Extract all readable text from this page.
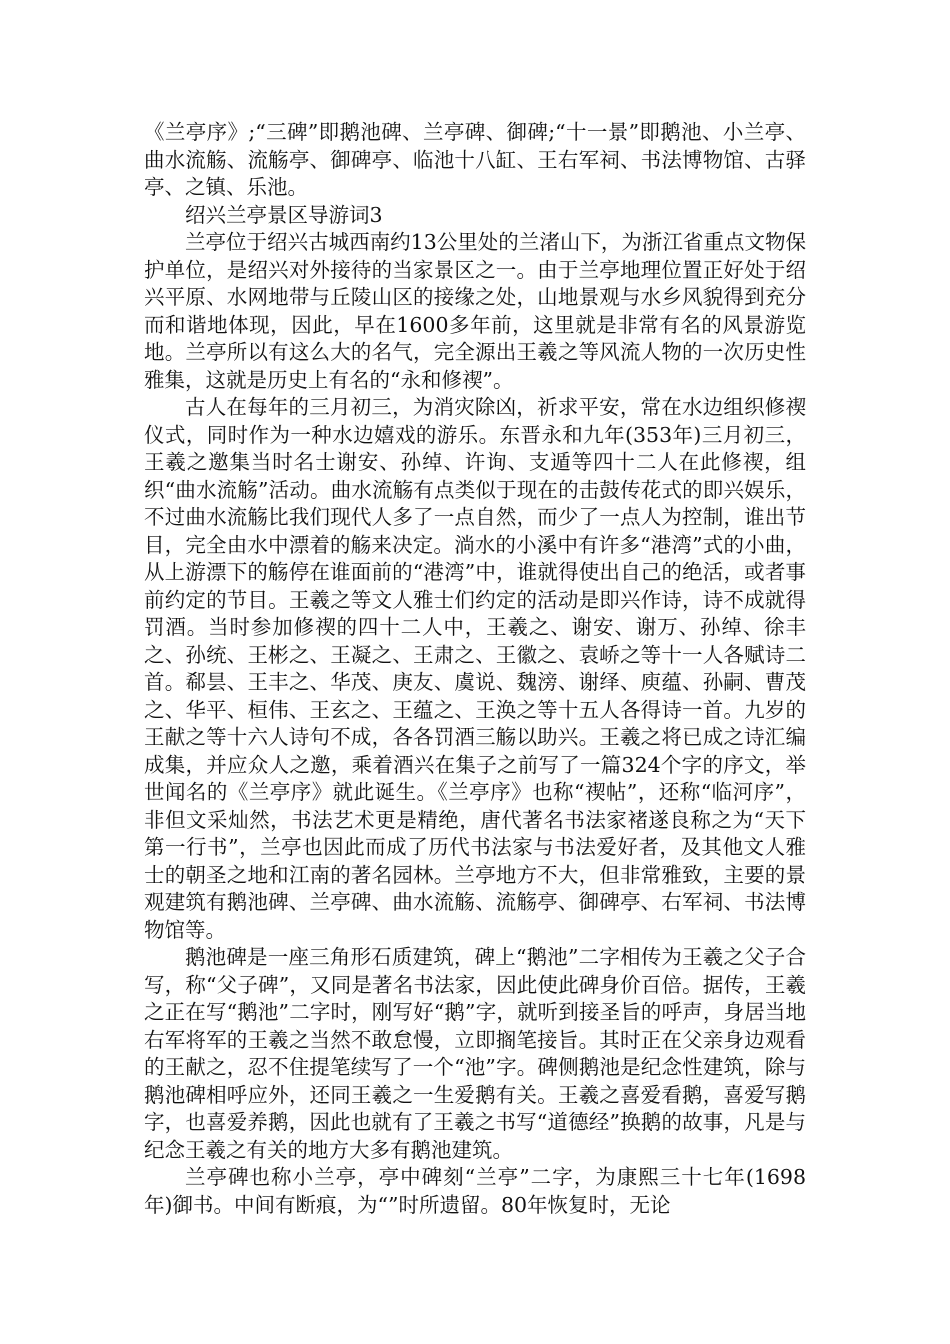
《兰亭序》;“三碑”即鹅池碑、兰亭碑、御碑;“十一景”即鹅池、小兰亭、曲水流觞、流觞亭、御碑亭、临池十八缸、王右军祠、书法博物馆、古驿亭、之镇、乐池。

绍兴兰亭景区导游词3

兰亭位于绍兴古城西南约13公里处的兰渚山下，为浙江省重点文物保护单位，是绍兴对外接待的当家景区之一。由于兰亭地理位置正好处于绍兴平原、水网地带与丘陵山区的接缘之处，山地景观与水乡风貌得到充分而和谐地体现，因此，早在1600多年前，这里就是非常有名的风景游览地。兰亭所以有这么大的名气，完全源出王羲之等风流人物的一次历史性雅集，这就是历史上有名的“永和修禊”。

古人在每年的三月初三，为消灾除凶，祈求平安，常在水边组织修禊仪式，同时作为一种水边嬉戏的游乐。东晋永和九年(353年)三月初三，王羲之邀集当时名士谢安、孙绰、许询、支遁等四十二人在此修禊，组织“曲水流觞”活动。曲水流觞有点类似于现在的击鼓传花式的即兴娱乐，不过曲水流觞比我们现代人多了一点自然，而少了一点人为控制，谁出节目，完全由水中漂着的觞来决定。淌水的小溪中有许多“港湾”式的小曲，从上游漂下的觞停在谁面前的“港湾”中，谁就得使出自己的绝活，或者事前约定的节目。王羲之等文人雅士们约定的活动是即兴作诗，诗不成就得罚酒。当时参加修禊的四十二人中，王羲之、谢安、谢万、孙绰、徐丰之、孙统、王彬之、王凝之、王肃之、王徽之、袁峤之等十一人各赋诗二首。郗昙、王丰之、华茂、庚友、虞说、魏滂、谢绎、庾蕴、孙嗣、曹茂之、华平、桓伟、王玄之、王蕴之、王涣之等十五人各得诗一首。九岁的王献之等十六人诗句不成，各各罚酒三觞以助兴。王羲之将已成之诗汇编成集，并应众人之邀，乘着酒兴在集子之前写了一篇324个字的序文，举世闻名的《兰亭序》就此诞生。《兰亭序》也称“禊帖”，还称“临河序”，非但文采灿然，书法艺术更是精绝，唐代著名书法家褚遂良称之为“天下第一行书”，兰亭也因此而成了历代书法家与书法爱好者，及其他文人雅士的朝圣之地和江南的著名园林。兰亭地方不大，但非常雅致，主要的景观建筑有鹅池碑、兰亭碑、曲水流觞、流觞亭、御碑亭、右军祠、书法博物馆等。

鹅池碑是一座三角形石质建筑，碑上“鹅池”二字相传为王羲之父子合写，称“父子碑”，又同是著名书法家，因此使此碑身价百倍。据传，王羲之正在写“鹅池”二字时，刚写好“鹅”字，就听到接圣旨的呼声，身居当地右军将军的王羲之当然不敢怠慢，立即搁笔接旨。其时正在父亲身边观看的王献之，忍不住提笔续写了一个“池”字。碑侧鹅池是纪念性建筑，除与鹅池碑相呼应外，还同王羲之一生爱鹅有关。王羲之喜爱看鹅，喜爱写鹅字，也喜爱养鹅，因此也就有了王羲之书写“道德经”换鹅的故事，凡是与纪念王羲之有关的地方大多有鹅池建筑。

兰亭碑也称小兰亭，亭中碑刻“兰亭”二字，为康熙三十七年(1698年)御书。中间有断痕，为“”时所遗留。80年恢复时，无论
